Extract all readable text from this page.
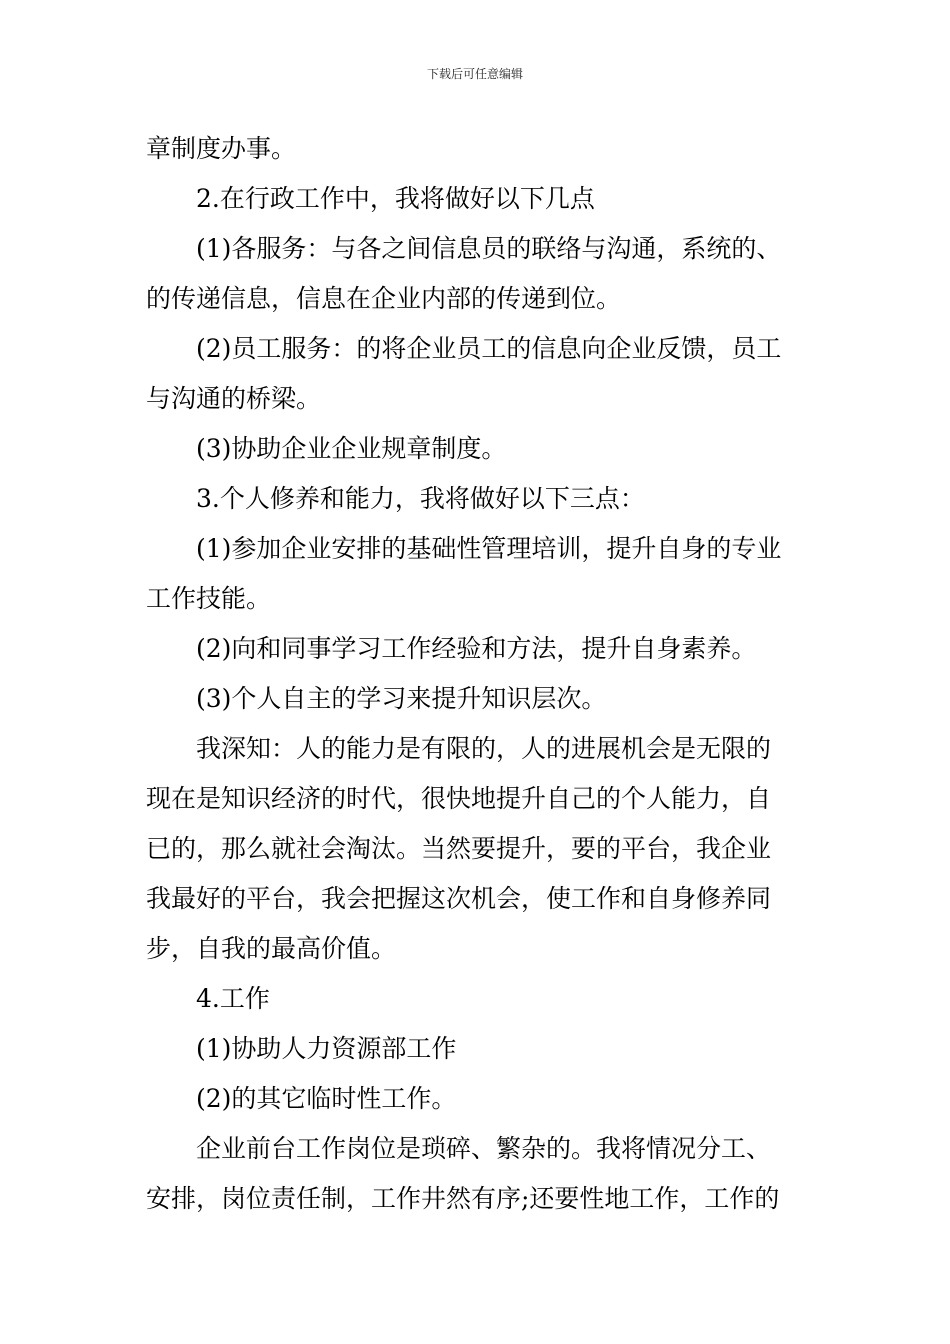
下载后可任意编辑
章制度办事。
2.在行政工作中，我将做好以下几点
(1)各服务：与各之间信息员的联络与沟通，系统的、
的传递信息，信息在企业内部的传递到位。
(2)员工服务：的将企业员工的信息向企业反馈，员工
与沟通的桥梁。
(3)协助企业企业规章制度。
3.个人修养和能力，我将做好以下三点：
(1)参加企业安排的基础性管理培训，提升自身的专业
工作技能。
(2)向和同事学习工作经验和方法，提升自身素养。
(3)个人自主的学习来提升知识层次。
我深知：人的能力是有限的，人的进展机会是无限的
现在是知识经济的时代，很快地提升自己的个人能力，自
已的，那么就社会淘汰。当然要提升，要的平台，我企业
我最好的平台，我会把握这次机会，使工作和自身修养同
步，自我的最高价值。
4.工作
(1)协助人力资源部工作
(2)的其它临时性工作。
企业前台工作岗位是琐碎、繁杂的。我将情况分工、
安排，岗位责任制，工作井然有序;还要性地工作，工作的
